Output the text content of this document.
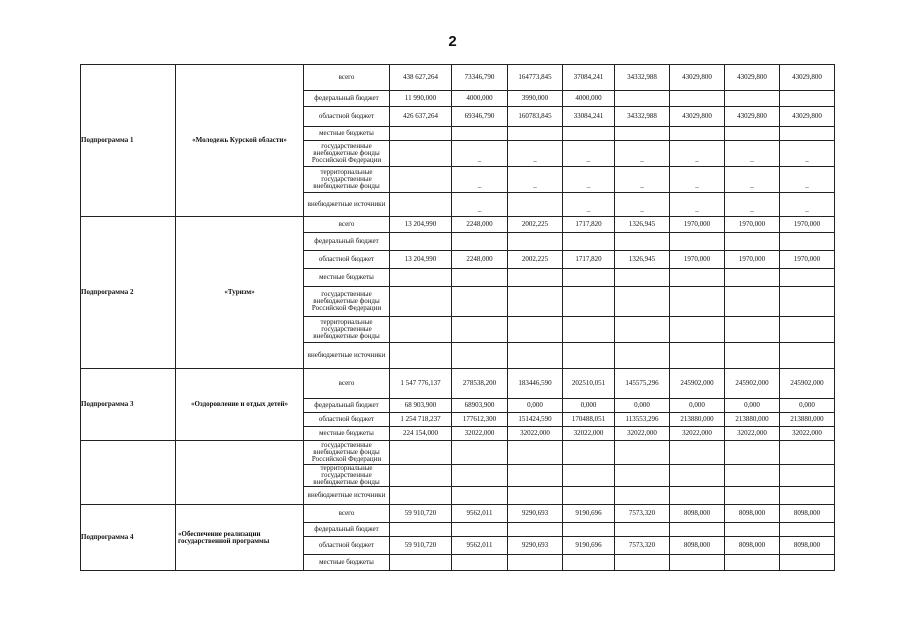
2
Подпрограмма 1	«Молодежь Курской области»	всего	438 627,264	73346,790	164773,845	37084,241	34332,988	43029,800	43029,800	43029,800
		федеральный бюджет	11 990,000	4000,000	3990,000	4000,000				
		областной бюджет	426 637,264	69346,790	160783,845	33084,241	34332,988	43029,800	43029,800	43029,800
		местные бюджеты								
		государственные внебюджетные фонды Российской Федерации		–	–	–	–	–	–	–
		территориальные государственные внебюджетные фонды		–	–	–	–	–	–	–
		внебюджетные источники		–		–	–	–	–	–
Подпрограмма 2	«Туризм»	всего	13 204,990	2248,000	2002,225	1717,820	1326,945	1970,000	1970,000	1970,000
		федеральный бюджет								
		областной бюджет	13 204,990	2248,000	2002,225	1717,820	1326,945	1970,000	1970,000	1970,000
		местные бюджеты								
		государственные внебюджетные фонды Российской Федерации								
		территориальные государственные внебюджетные фонды								
		внебюджетные источники								
Подпрограмма 3	«Оздоровление и отдых детей»	всего	1 547 776,137	278538,200	183446,590	202510,051	145575,296	245902,000	245902,000	245902,000
		федеральный бюджет	68 903,900	68903,900	0,000	0,000	0,000	0,000	0,000	0,000
		областной бюджет	1 254 718,237	177612,300	151424,590	170488,051	113553,296	213880,000	213880,000	213880,000
		местные бюджеты	224 154,000	32022,000	32022,000	32022,000	32022,000	32022,000	32022,000	32022,000
		государственные внебюджетные фонды Российской Федерации								
		территориальные государственные внебюджетные фонды								
		внебюджетные источники								
Подпрограмма 4	«Обеспечение реализации государственной программы	всего	59 910,720	9562,011	9290,693	9190,696	7573,320	8098,000	8098,000	8098,000
		федеральный бюджет								
		областной бюджет	59 910,720	9562,011	9290,693	9190,696	7573,320	8098,000	8098,000	8098,000
		местные бюджеты								
